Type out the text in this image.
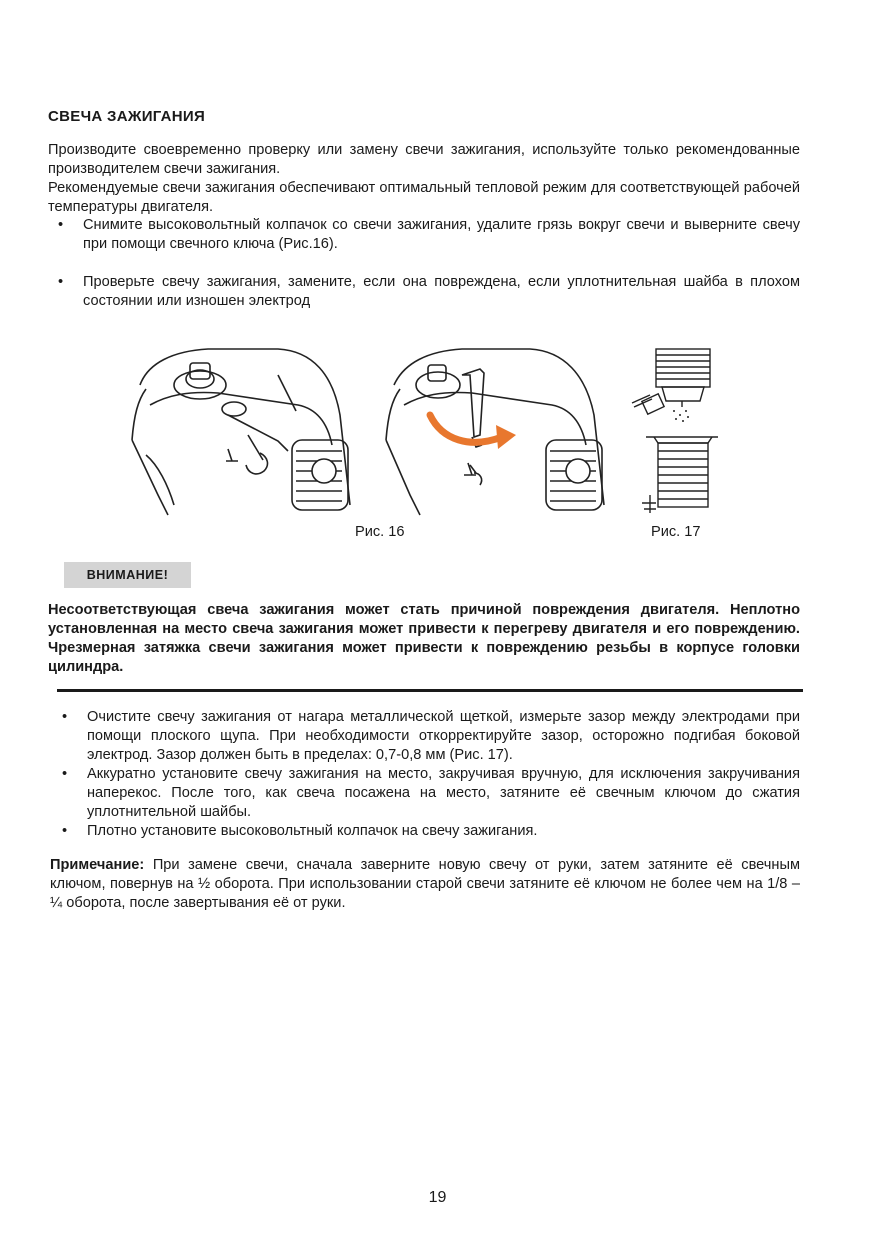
СВЕЧА ЗАЖИГАНИЯ

Производите своевременно проверку или замену свечи зажигания, используйте только рекомендованные производителем свечи зажигания.

Рекомендуемые свечи зажигания обеспечивают оптимальный тепловой режим для соответствующей рабочей температуры двигателя.

• Снимите высоковольтный колпачок со свечи зажигания, удалите грязь вокруг свечи и выверните свечу при помощи свечного ключа (Рис.16).
• Проверьте свечу зажигания, замените, если она повреждена, если уплотнительная шайба в плохом состоянии или изношен электрод
Рис. 16	Рис. 17
ВНИМАНИЕ!

Несоответствующая свеча зажигания может стать причиной повреждения двигателя. Неплотно установленная на место свеча зажигания может привести к перегреву двигателя и его повреждению. Чрезмерная затяжка свечи зажигания может привести к повреждению резьбы в корпусе головки цилиндра.

• Очистите свечу зажигания от нагара металлической щеткой, измерьте зазор между электродами при помощи плоского щупа. При необходимости откорректируйте зазор, осторожно подгибая боковой электрод. Зазор должен быть в пределах: 0,7-0,8 мм (Рис. 17).
• Аккуратно установите свечу зажигания на место, закручивая вручную, для исключения закручивания наперекос. После того, как свеча посажена на место, затяните её свечным ключом до сжатия уплотнительной шайбы.
• Плотно установите высоковольтный колпачок на свечу зажигания.

Примечание: При замене свечи, сначала заверните новую свечу от руки, затем затяните её свечным ключом, повернув на ½ оборота. При использовании старой свечи затяните её ключом не более чем на 1/8 – ¼ оборота, после завертывания её от руки.

19
